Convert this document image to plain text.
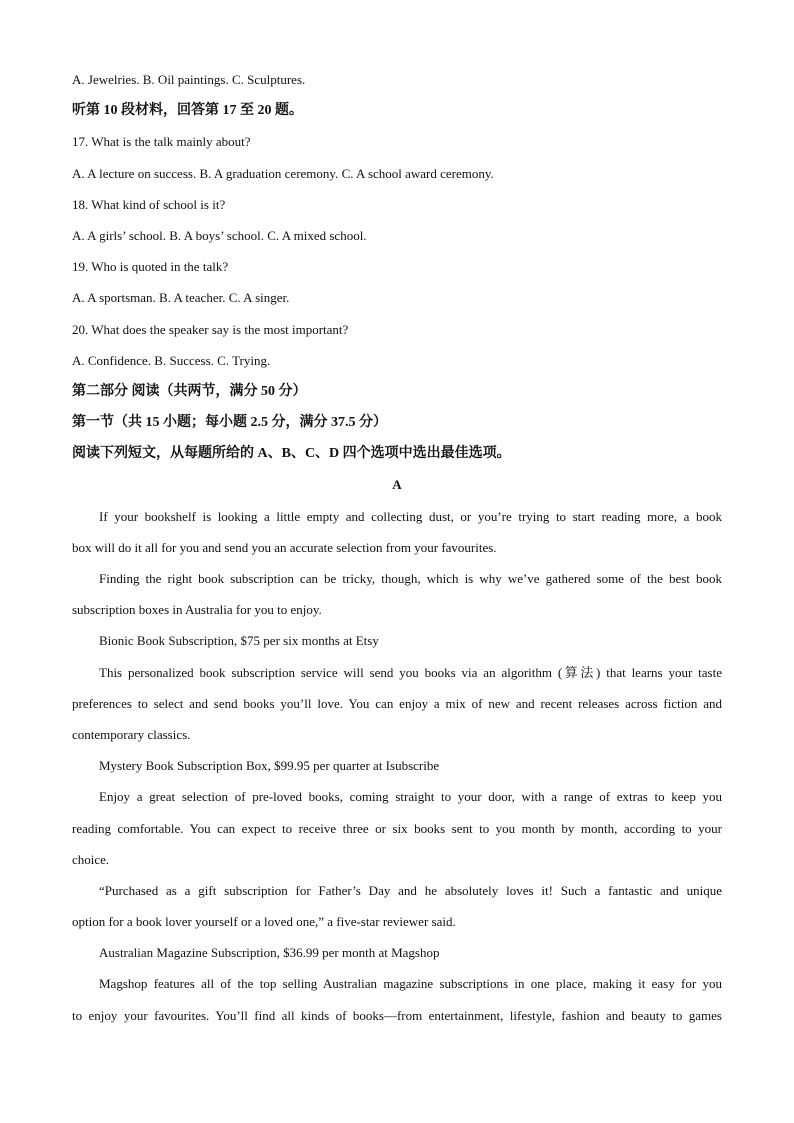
A. Jewelries. B. Oil paintings. C. Sculptures.
听第 10 段材料，回答第 17 至 20 题。
17. What is the talk mainly about?
A. A lecture on success. B. A graduation ceremony. C. A school award ceremony.
18. What kind of school is it?
A. A girls’ school. B. A boys’ school. C. A mixed school.
19. Who is quoted in the talk?
A. A sportsman. B. A teacher. C. A singer.
20. What does the speaker say is the most important?
A. Confidence. B. Success. C. Trying.
第二部分 阅读（共两节，满分 50 分）
第一节（共 15 小题；每小题 2.5 分，满分 37.5 分）
阅读下列短文，从每题所给的 A、B、C、D 四个选项中选出最佳选项。
A
If your bookshelf is looking a little empty and collecting dust, or you’re trying to start reading more, a book
box will do it all for you and send you an accurate selection from your favourites.
Finding the right book subscription can be tricky, though, which is why we’ve gathered some of the best book
subscription boxes in Australia for you to enjoy.
Bionic Book Subscription, $75 per six months at Etsy
This personalized book subscription service will send you books via an algorithm (算法) that learns your taste
preferences to select and send books you’ll love. You can enjoy a mix of new and recent releases across fiction and
contemporary classics.
Mystery Book Subscription Box, $99.95 per quarter at Isubscribe
Enjoy a great selection of pre-loved books, coming straight to your door, with a range of extras to keep you
reading comfortable. You can expect to receive three or six books sent to you month by month, according to your
choice.
“Purchased as a gift subscription for Father’s Day and he absolutely loves it! Such a fantastic and unique
option for a book lover yourself or a loved one,” a five-star reviewer said.
Australian Magazine Subscription, $36.99 per month at Magshop
Magshop features all of the top selling Australian magazine subscriptions in one place, making it easy for you
to enjoy your favourites. You’ll find all kinds of books—from entertainment, lifestyle, fashion and beauty to games
